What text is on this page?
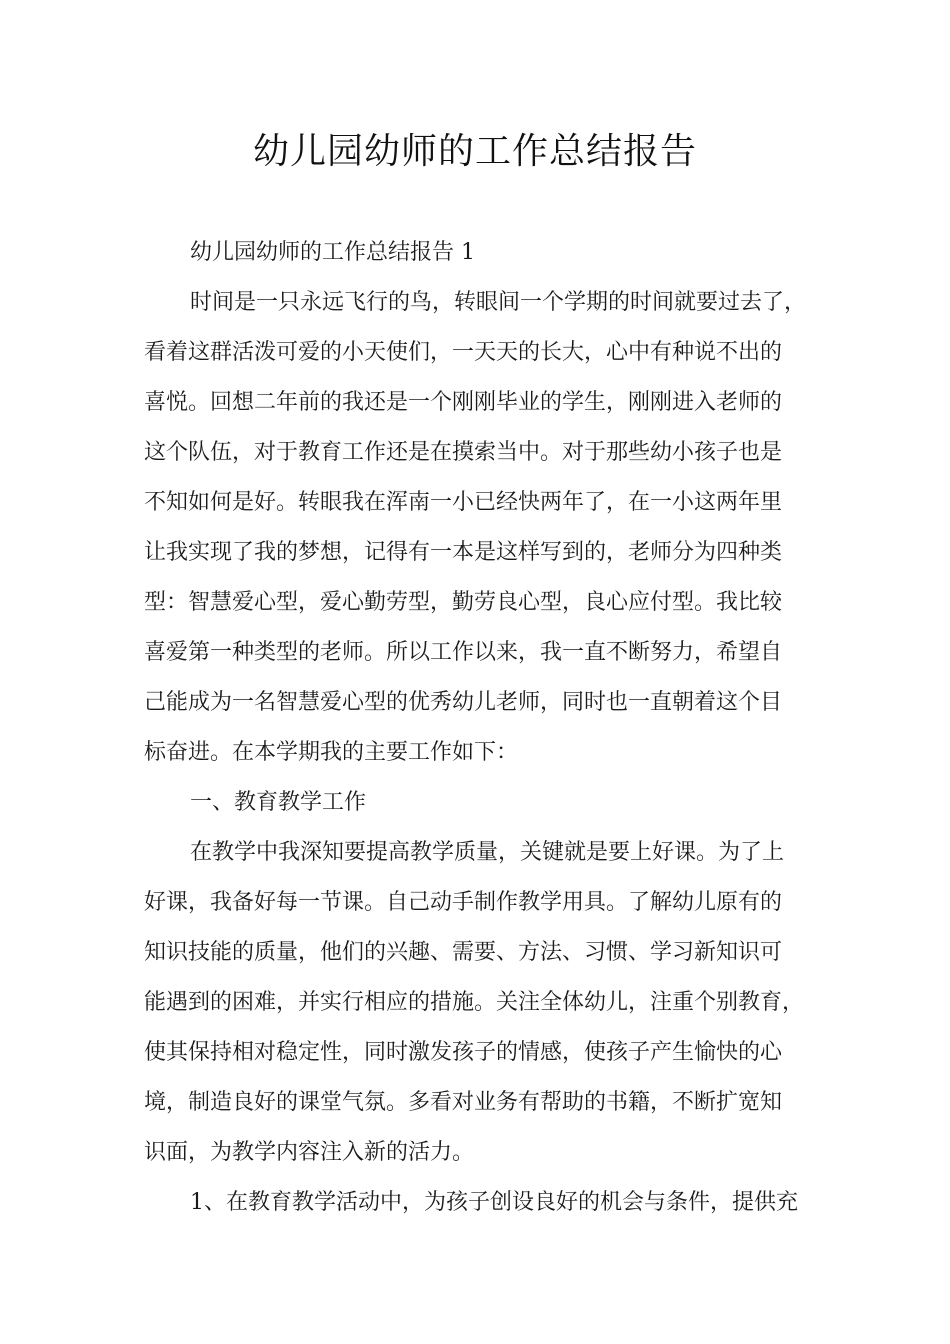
幼儿园幼师的工作总结报告
幼儿园幼师的工作总结报告 1
时间是一只永远飞行的鸟，转眼间一个学期的时间就要过去了，
看着这群活泼可爱的小天使们，一天天的长大，心中有种说不出的
喜悦。回想二年前的我还是一个刚刚毕业的学生，刚刚进入老师的
这个队伍，对于教育工作还是在摸索当中。对于那些幼小孩子也是
不知如何是好。转眼我在浑南一小已经快两年了，在一小这两年里
让我实现了我的梦想，记得有一本是这样写到的，老师分为四种类
型：智慧爱心型，爱心勤劳型，勤劳良心型，良心应付型。我比较
喜爱第一种类型的老师。所以工作以来，我一直不断努力，希望自
己能成为一名智慧爱心型的优秀幼儿老师，同时也一直朝着这个目
标奋进。在本学期我的主要工作如下：
一、教育教学工作
在教学中我深知要提高教学质量，关键就是要上好课。为了上
好课，我备好每一节课。自己动手制作教学用具。了解幼儿原有的
知识技能的质量，他们的兴趣、需要、方法、习惯、学习新知识可
能遇到的困难，并实行相应的措施。关注全体幼儿，注重个别教育，
使其保持相对稳定性，同时激发孩子的情感，使孩子产生愉快的心
境，制造良好的课堂气氛。多看对业务有帮助的书籍，不断扩宽知
识面，为教学内容注入新的活力。
1、在教育教学活动中，为孩子创设良好的机会与条件，提供充
